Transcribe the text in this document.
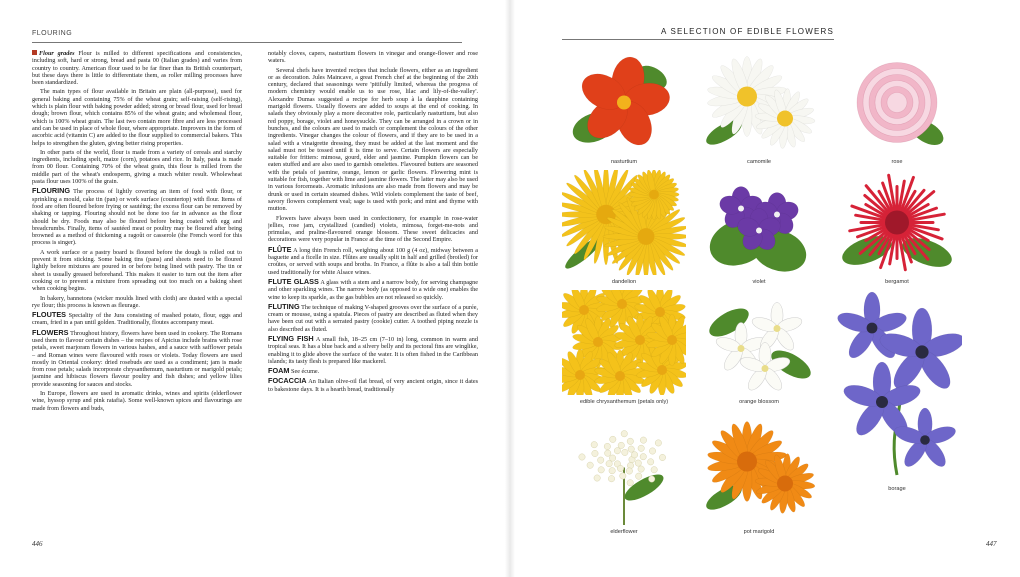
FLOURING

Flour grades Flour is milled to different specifications and consistencies, including soft, hard or strong, bread and pasta 00 (Italian grades) and varies from country to country. American flour used to be far finer than its British counterpart, but these days there is little to differentiate them, as roller milling processes have been standardized.

The main types of flour available in Britain are plain (all-purpose), used for general baking and containing 75% of the wheat grain; self-raising (self-rising), which is plain flour with baking powder added; strong or bread flour, used for bread dough; brown flour, which contains 85% of the wheat grain; and wholemeal flour, which is 100% wheat grain. The last two contain more fibre and are less processed and can be used in place of whole flour, where appropriate. Improvers in the form of ascorbic acid (vitamin C) are added to the flour supplied to commercial bakers. This helps to strengthen the gluten, giving better rising properties.

In other parts of the world, flour is made from a variety of cereals and starchy ingredients, including spelt, maize (corn), potatoes and rice. In Italy, pasta is made from 00 flour. Containing 70% of the wheat grain, this flour is milled from the middle part of the wheat's endosperm, giving a much whiter result. Wholewheat pasta flour uses 100% of the grain.

FLOURING The process of lightly covering an item of food with flour, or sprinkling a mould, cake tin (pan) or work surface (countertop) with flour. Items of food are often floured before frying or sautéing; the excess flour can be removed by shaking or tapping. Flouring should not be done too far in advance as the flour should be dry. Foods may also be floured before being coated with egg and breadcrumbs. Finally, items of sautéed meat or poultry may be floured after being browned as a method of thickening a ragoût or casserole (the French word for this process is singer).

A work surface or a pastry board is floured before the dough is rolled out to prevent it from sticking. Some baking tins (pans) and sheets need to be floured lightly before mixtures are poured in or before being lined with pastry. The tin or sheet is usually greased beforehand. This makes it easier to turn out the item after cooking or to prevent a mixture from spreading out too much on a baking sheet when cooking begins.

In bakery, bannetons (wicker moulds lined with cloth) are dusted with a special rye flour; this process is known as fleurage.

FLOUTES Speciality of the Jura consisting of mashed potato, flour, eggs and cream, fried in a pan until golden. Traditionally, floutes accompany meat.

FLOWERS Throughout history, flowers have been used in cookery. The Romans used them to flavour certain dishes – the recipes of Apicius include brains with rose petals, sweet marjoram flowers in various hashes, and a sauce with safflower petals – and Roman wines were flavoured with roses or violets. Today flowers are used mostly in Oriental cookery: dried rosebuds are used as a condiment; jam is made from rose petals; salads incorporate chrysanthemum, nasturtium or marigold petals; jasmine and hibiscus flowers flavour poultry and fish dishes; and yellow lilies provide seasoning for sauces and stocks.

In Europe, flowers are used in aromatic drinks, wines and spirits (elderflower wine, hyssop syrup and pink ratafia). Some well-known spices and flavourings are made from flowers and buds,

notably cloves, capers, nasturtium flowers in vinegar and orange-flower and rose waters.

Several chefs have invented recipes that include flowers, either as an ingredient or as decoration. Jules Maincave, a great French chef at the beginning of the 20th century, declared that seasonings were 'pitifully limited, whereas the progress of modern chemistry would enable us to use rose, lilac and lily-of-the-valley'. Alexandre Dumas suggested a recipe for herb soup à la dauphine containing marigold flowers. Usually flowers are added to soups at the end of cooking. In salads they obviously play a more decorative role, particularly nasturtium, but also red poppy, borage, violet and honeysuckle. They can be arranged in a crown or in bunches, and the colours are used to match or complement the colours of the other ingredients. Vinegar changes the colour of flowers, and if they are to be used in a salad with a vinaigrette dressing, they must be added at the last moment and the salad must not be tossed until it is time to serve. Certain flowers are especially suitable for fritters: mimosa, gourd, elder and jasmine. Pumpkin flowers can be eaten stuffed and are also used to garnish omelettes. Flavoured butters are seasoned with the petals of jasmine, orange, lemon or garlic flowers. Flowering mint is suitable for fish, together with lime and jasmine flowers. The latter may also be used in various forcemeats. Aromatic infusions are also made from flowers and may be drunk or used in certain steamed dishes. Wild violets complement the taste of beef, savory flowers complement veal; sage is used with pork; and mint and thyme with mutton.

Flowers have always been used in confectionery, for example in rose-water jellies, rose jam, crystallized (candied) violets, mimosa, forget-me-nots and primulas, and praline-flavoured orange blossom. These sweet delicacies and decorations were very popular in France at the time of the Second Empire.

FLÛTE A long thin French roll, weighing about 100 g (4 oz), midway between a baguette and a ficelle in size. Flûtes are usually split in half and grilled (broiled) for croûtes, or served with soups and broths. In France, a flûte is also a tall thin bottle used traditionally for white Alsace wines.

FLUTE GLASS A glass with a stem and a narrow body, for serving champagne and other sparkling wines. The narrow body (as opposed to a wide one) enables the wine to keep its sparkle, as the gas bubbles are not released so quickly.

FLUTING The technique of making V-shaped grooves over the surface of a purée, cream or mousse, using a spatula. Pieces of pastry are described as fluted when they have been cut out with a serrated pastry (cookie) cutter. A toothed piping nozzle is also described as fluted.

FLYING FISH A small fish, 18–25 cm (7–10 in) long, common in warm and tropical seas. It has a blue back and a silvery belly and its pectoral fins are winglike, enabling it to glide above the surface of the water. It is often fished in the Caribbean islands; its tasty flesh is prepared like mackerel.

FOAM See écume.

FOCACCIA An Italian olive-oil flat bread, of very ancient origin, since it dates to bakestone days. It is a hearth bread, traditionally

446
A SELECTION OF EDIBLE FLOWERS
nasturtium	camomile	rose
dandelion	violet	bergamot
edible chrysanthemum (petals only)	orange blossom
borage
elderflower	pot marigold
447
